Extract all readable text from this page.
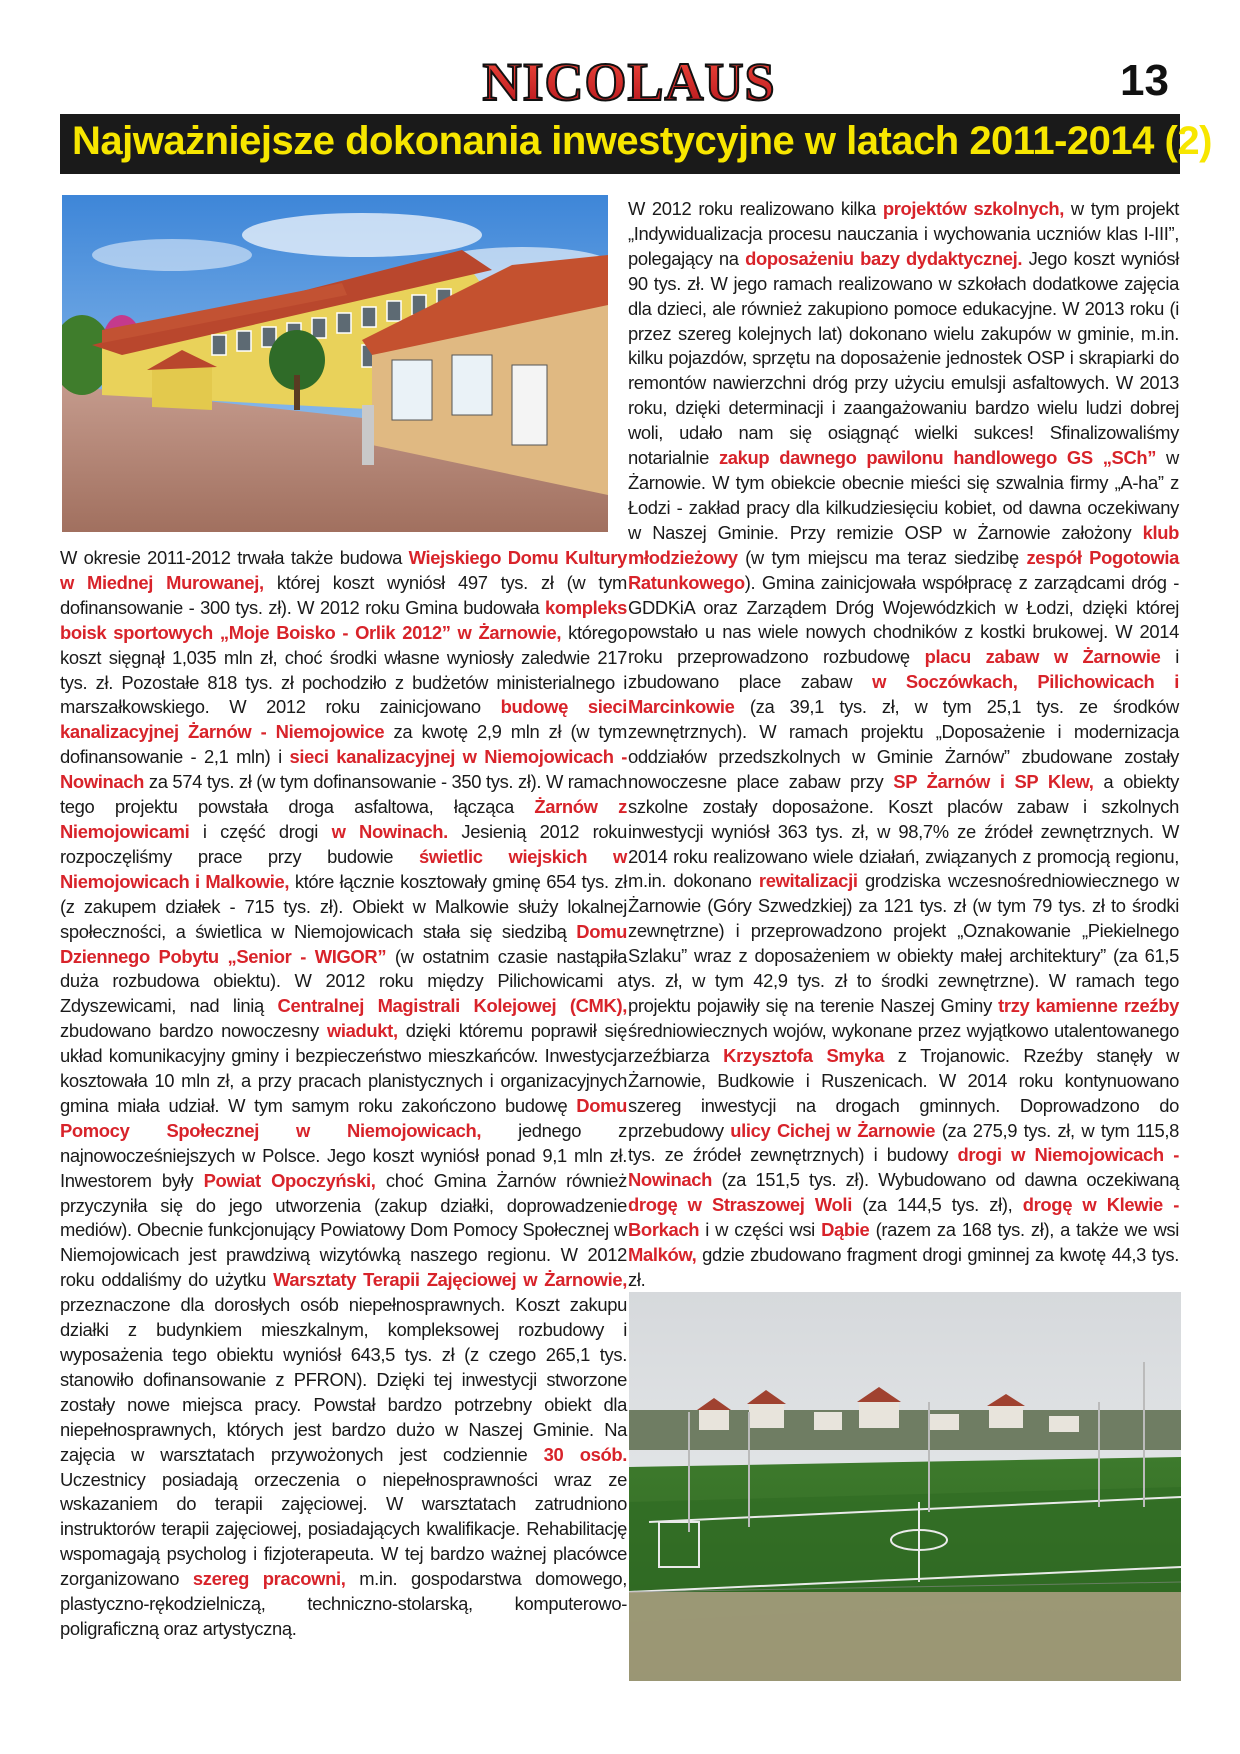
NICOLAUS	13
Najważniejsze dokonania inwestycyjne w latach 2011-2014 (2)

W okresie 2011-2012 trwała także budowa Wiejskiego Domu Kultury w Miednej Murowanej, której koszt wyniósł 497 tys. zł (w tym dofinansowanie - 300 tys. zł). W 2012 roku Gmina budowała kompleks boisk sportowych „Moje Boisko - Orlik 2012” w Żarnowie, którego koszt sięgnął 1,035 mln zł, choć środki własne wyniosły zaledwie 217 tys. zł. Pozostałe 818 tys. zł pochodziło z budżetów ministerialnego i marszałkowskiego. W 2012 roku zainicjowano budowę sieci kanalizacyjnej Żarnów - Niemojowice za kwotę 2,9 mln zł (w tym dofinansowanie - 2,1 mln) i sieci kanalizacyjnej w Niemojowicach - Nowinach za 574 tys. zł (w tym dofinansowanie - 350 tys. zł). W ramach tego projektu powstała droga asfaltowa, łącząca Żarnów z Niemojowicami i część drogi w Nowinach. Jesienią 2012 roku rozpoczęliśmy prace przy budowie świetlic wiejskich w Niemojowicach i Malkowie, które łącznie kosztowały gminę 654 tys. zł (z zakupem działek - 715 tys. zł). Obiekt w Malkowie służy lokalnej społeczności, a świetlica w Niemojowicach stała się siedzibą Domu Dziennego Pobytu „Senior - WIGOR” (w ostatnim czasie nastąpiła duża rozbudowa obiektu). W 2012 roku między Pilichowicami a Zdyszewicami, nad linią Centralnej Magistrali Kolejowej (CMK), zbudowano bardzo nowoczesny wiadukt, dzięki któremu poprawił się układ komunikacyjny gminy i bezpieczeństwo mieszkańców. Inwestycja kosztowała 10 mln zł, a przy pracach planistycznych i organizacyjnych gmina miała udział. W tym samym roku zakończono budowę Domu Pomocy Społecznej w Niemojowicach, jednego z najnowocześniejszych w Polsce. Jego koszt wyniósł ponad 9,1 mln zł. Inwestorem były Powiat Opoczyński, choć Gmina Żarnów również przyczyniła się do jego utworzenia (zakup działki, doprowadzenie mediów). Obecnie funkcjonujący Powiatowy Dom Pomocy Społecznej w Niemojowicach jest prawdziwą wizytówką naszego regionu. W 2012 roku oddaliśmy do użytku Warsztaty Terapii Zajęciowej w Żarnowie, przeznaczone dla dorosłych osób niepełnosprawnych. Koszt zakupu działki z budynkiem mieszkalnym, kompleksowej rozbudowy i wyposażenia tego obiektu wyniósł 643,5 tys. zł (z czego 265,1 tys. stanowiło dofinansowanie z PFRON). Dzięki tej inwestycji stworzone zostały nowe miejsca pracy. Powstał bardzo potrzebny obiekt dla niepełnosprawnych, których jest bardzo dużo w Naszej Gminie. Na zajęcia w warsztatach przywożonych jest codziennie 30 osób. Uczestnicy posiadają orzeczenia o niepełnosprawności wraz ze wskazaniem do terapii zajęciowej. W warsztatach zatrudniono instruktorów terapii zajęciowej, posiadających kwalifikacje. Rehabilitację wspomagają psycholog i fizjoterapeuta. W tej bardzo ważnej placówce zorganizowano szereg pracowni, m.in. gospodarstwa domowego, plastyczno-rękodzielniczą, techniczno-stolarską, komputerowo-poligraficzną oraz artystyczną.

W 2012 roku realizowano kilka projektów szkolnych, w tym projekt „Indywidualizacja procesu nauczania i wychowania uczniów klas I-III”, polegający na doposażeniu bazy dydaktycznej. Jego koszt wyniósł 90 tys. zł. W jego ramach realizowano w szkołach dodatkowe zajęcia dla dzieci, ale również zakupiono pomoce edukacyjne. W 2013 roku (i przez szereg kolejnych lat) dokonano wielu zakupów w gminie, m.in. kilku pojazdów, sprzętu na doposażenie jednostek OSP i skrapiarki do remontów nawierzchni dróg przy użyciu emulsji asfaltowych. W 2013 roku, dzięki determinacji i zaangażowaniu bardzo wielu ludzi dobrej woli, udało nam się osiągnąć wielki sukces! Sfinalizowaliśmy notarialnie zakup dawnego pawilonu handlowego GS „SCh” w Żarnowie. W tym obiekcie obecnie mieści się szwalnia firmy „A-ha” z Łodzi - zakład pracy dla kilkudziesięciu kobiet, od dawna oczekiwany w Naszej Gminie. Przy remizie OSP w Żarnowie założony klub młodzieżowy (w tym miejscu ma teraz siedzibę zespół Pogotowia Ratunkowego). Gmina zainicjowała współpracę z zarządcami dróg - GDDKiA oraz Zarządem Dróg Wojewódzkich w Łodzi, dzięki której powstało u nas wiele nowych chodników z kostki brukowej. W 2014 roku przeprowadzono rozbudowę placu zabaw w Żarnowie i zbudowano place zabaw w Soczówkach, Pilichowicach i Marcinkowie (za 39,1 tys. zł, w tym 25,1 tys. ze środków zewnętrznych). W ramach projektu „Doposażenie i modernizacja oddziałów przedszkolnych w Gminie Żarnów” zbudowane zostały nowoczesne place zabaw przy SP Żarnów i SP Klew, a obiekty szkolne zostały doposażone. Koszt placów zabaw i szkolnych inwestycji wyniósł 363 tys. zł, w 98,7% ze źródeł zewnętrznych. W 2014 roku realizowano wiele działań, związanych z promocją regionu, m.in. dokonano rewitalizacji grodziska wczesnośredniowiecznego w Żarnowie (Góry Szwedzkiej) za 121 tys. zł (w tym 79 tys. zł to środki zewnętrzne) i przeprowadzono projekt „Oznakowanie „Piekielnego Szlaku” wraz z doposażeniem w obiekty małej architektury” (za 61,5 tys. zł, w tym 42,9 tys. zł to środki zewnętrzne). W ramach tego projektu pojawiły się na terenie Naszej Gminy trzy kamienne rzeźby średniowiecznych wojów, wykonane przez wyjątkowo utalentowanego rzeźbiarza Krzysztofa Smyka z Trojanowic. Rzeźby stanęły w Żarnowie, Budkowie i Ruszenicach. W 2014 roku kontynuowano szereg inwestycji na drogach gminnych. Doprowadzono do przebudowy ulicy Cichej w Żarnowie (za 275,9 tys. zł, w tym 115,8 tys. ze źródeł zewnętrznych) i budowy drogi w Niemojowicach - Nowinach (za 151,5 tys. zł). Wybudowano od dawna oczekiwaną drogę w Straszowej Woli (za 144,5 tys. zł), drogę w Klewie - Borkach i w części wsi Dąbie (razem za 168 tys. zł), a także we wsi Malków, gdzie zbudowano fragment drogi gminnej za kwotę 44,3 tys. zł.
